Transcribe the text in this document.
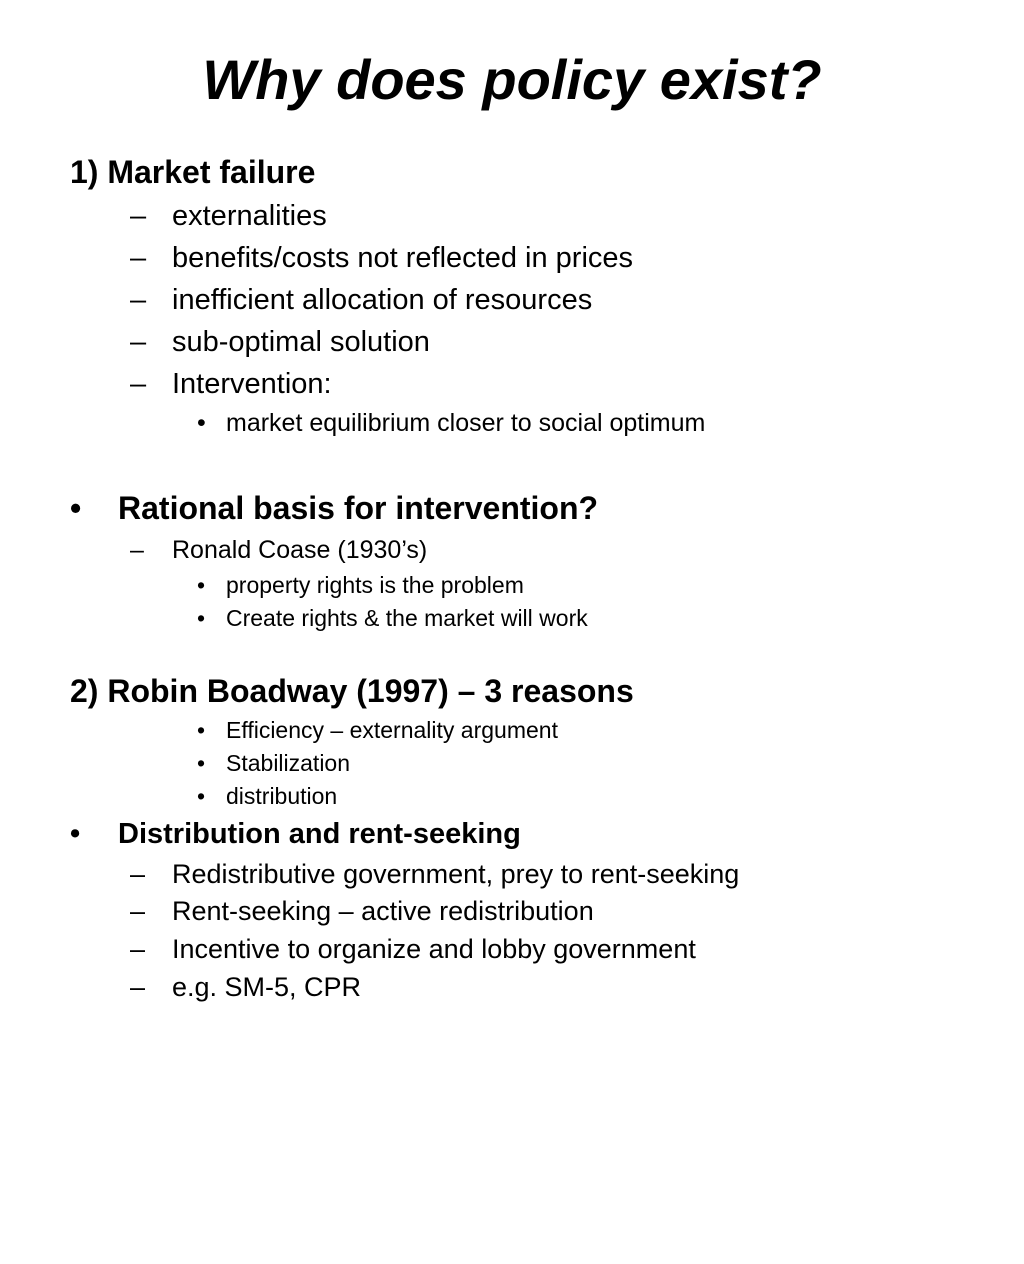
Why does policy exist?
1) Market failure
– externalities
– benefits/costs not reflected in prices
– inefficient allocation of resources
– sub-optimal solution
– Intervention:
• market equilibrium closer to social optimum
• Rational basis for intervention?
– Ronald Coase (1930’s)
• property rights is the problem
• Create rights & the market will work
2) Robin Boadway (1997) – 3 reasons
• Efficiency – externality argument
• Stabilization
• distribution
• Distribution and rent-seeking
– Redistributive government, prey to rent-seeking
– Rent-seeking – active redistribution
– Incentive to organize and lobby government
– e.g. SM-5, CPR
